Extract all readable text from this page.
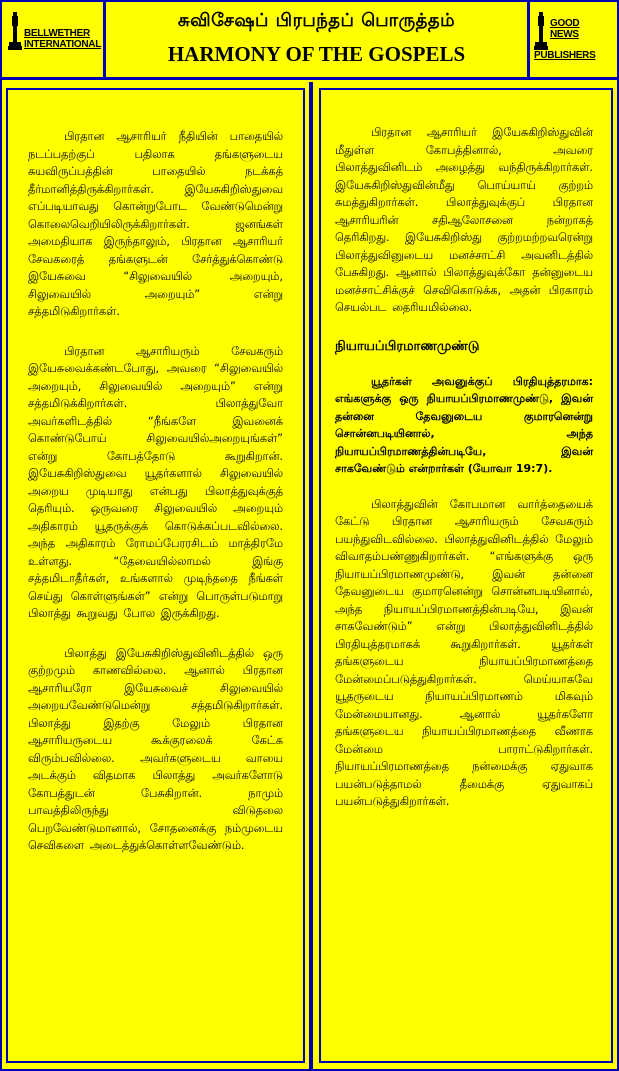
BELLWETHER INTERNATIONAL
சுவிசேஷப் பிரபந்தப் பொருத்தம்
HARMONY OF THE GOSPELS
GOOD NEWS PUBLISHERS

பிரதான ஆசாரியர் நீதியின் பாதையில் நடப்பதற்குப் பதிலாக தங்களுடைய சுயவிருப்பத்தின் பாதையில் நடக்கத் தீர்மானித்திருக்கிறார்கள். இயேசுகிறிஸ்துவை எப்படியாவது கொன்றுபோட வேண்டுமென்று கொலைவெறியிலிருக்கிறார்கள். ஜனங்கள் அமைதியாக இருந்தாலும், பிரதான ஆசாரியர் சேவகரைத் தங்களுடன் சேர்த்துக்கொண்டு இயேசுவை “சிலுவையில் அறையும், சிலுவையில் அறையும்” என்று சத்தமிடுகிறார்கள்.

பிரதான ஆசாரியரும் சேவகரும் இயேசுவைக்கண்டபோது, அவரை “சிலுவையில் அறையும், சிலுவையில் அறையும்” என்று சத்தமிடுக்கிறார்கள். பிலாத்துவோ அவர்களிடத்தில் “நீங்களே இவனைக் கொண்டுபோய் சிலுவையில்அறையுங்கள்” என்று கோபத்தோடு கூறுகிறான். இயேசுகிறிஸ்துவை யூதர்களால் சிலுவையில் அறைய முடியாது என்பது பிலாத்துவுக்குத் தெரியும். ஒருவரை சிலுவையில் அறையும் அதிகாரம் யூதருக்குக் கொடுக்கப்படவில்லை. அந்த அதிகாரம் ரோமப்பேரரசிடம் மாத்திரமே உள்ளது. “தேவையில்லாமல் இங்கு சத்தமிடாதீர்கள், உங்களால் முடிந்ததை நீங்கள் செய்து கொள்ளுங்கள்” என்று பொருள்படுமாறு பிலாத்து கூறுவது போல இருக்கிறது.

பிலாத்து இயேசுகிறிஸ்துவினிடத்தில் ஒரு குற்றமும் காணவில்லை. ஆனால் பிரதான ஆசாரியரோ இயேசுவைச் சிலுவையில் அறையவேண்டுமென்று சத்தமிடுகிறார்கள். பிலாத்து இதற்கு மேலும் பிரதான ஆசாரியருடைய கூக்குரலைக் கேட்க விரும்பவில்லை. அவர்களுடைய வாயை அடக்கும் விதமாக பிலாத்து அவர்களோடு கோபத்துடன் பேசுகிறான். நாமும் பாவத்திலிருந்து விடுதலை பெறவேண்டுமானால், சோதனைக்கு நம்முடைய செவிகளை அடைத்துக்கொள்ளவேண்டும்.

பிரதான ஆசாரியர் இயேசுகிறிஸ்துவின் மீதுள்ள கோபத்தினால், அவரை பிலாத்துவினிடம் அழைத்து வந்திருக்கிறார்கள். இயேசுகிறிஸ்துவின்மீது பொய்யாய் குற்றம் சுமத்துகிறார்கள். பிலாத்துவுக்குப் பிரதான ஆசாரியரின் சதிஆலோசனை நன்றாகத் தெரிகிறது. இயேசுகிறிஸ்து குற்றமற்றவரென்று பிலாத்துவினுடைய மனச்சாட்சி அவனிடத்தில் பேசுகிறது. ஆனால் பிலாத்துவுக்கோ தன்னுடைய மனச்சாட்சிக்குச் செவிகொடுக்க, அதன் பிரகாரம் செயல்பட தைரியமில்லை.

நியாயப்பிரமாணமுண்டு

யூதர்கள் அவனுக்குப் பிரதியுத்தரமாக: எங்களுக்கு ஒரு நியாயப்பிரமாணமுண்டு, இவன் தன்னை தேவனுடைய குமாரனென்று சொன்னபடியினால், அந்த நியாயப்பிரமாணத்தின்படியே, இவன் சாகவேண்டும் என்றார்கள் (யோவா 19:7).

பிலாத்துவின் கோபமான வார்த்தையைக் கேட்டு பிரதான ஆசாரியரும் சேவகரும் பயந்துவிடவில்லை. பிலாத்துவினிடத்தில் மேலும் விவாதம்பண்ணுகிறார்கள். “எங்களுக்கு ஒரு நியாயப்பிரமாணமுண்டு, இவன் தன்னை தேவனுடைய குமாரனென்று சொன்னபடியினால், அந்த நியாயப்பிரமாணத்தின்படியே, இவன் சாகவேண்டும்” என்று பிலாத்துவினிடத்தில் பிரதியுத்தரமாகக் கூறுகிறார்கள். யூதர்கள் தங்களுடைய நியாயப்பிரமாணத்தை மேன்மைப்படுத்துகிறார்கள். மெய்யாகவே யூதருடைய நியாயப்பிரமாணம் மிகவும் மேன்மையானது. ஆனால் யூதர்களோ தங்களுடைய நியாயப்பிரமாணத்தை வீணாக மேன்மை பாராட்டுகிறார்கள். நியாயப்பிரமாணத்தை நன்மைக்கு ஏதுவாக பயன்படுத்தாமல் தீமைக்கு ஏதுவாகப் பயன்படுத்துகிறார்கள்.
